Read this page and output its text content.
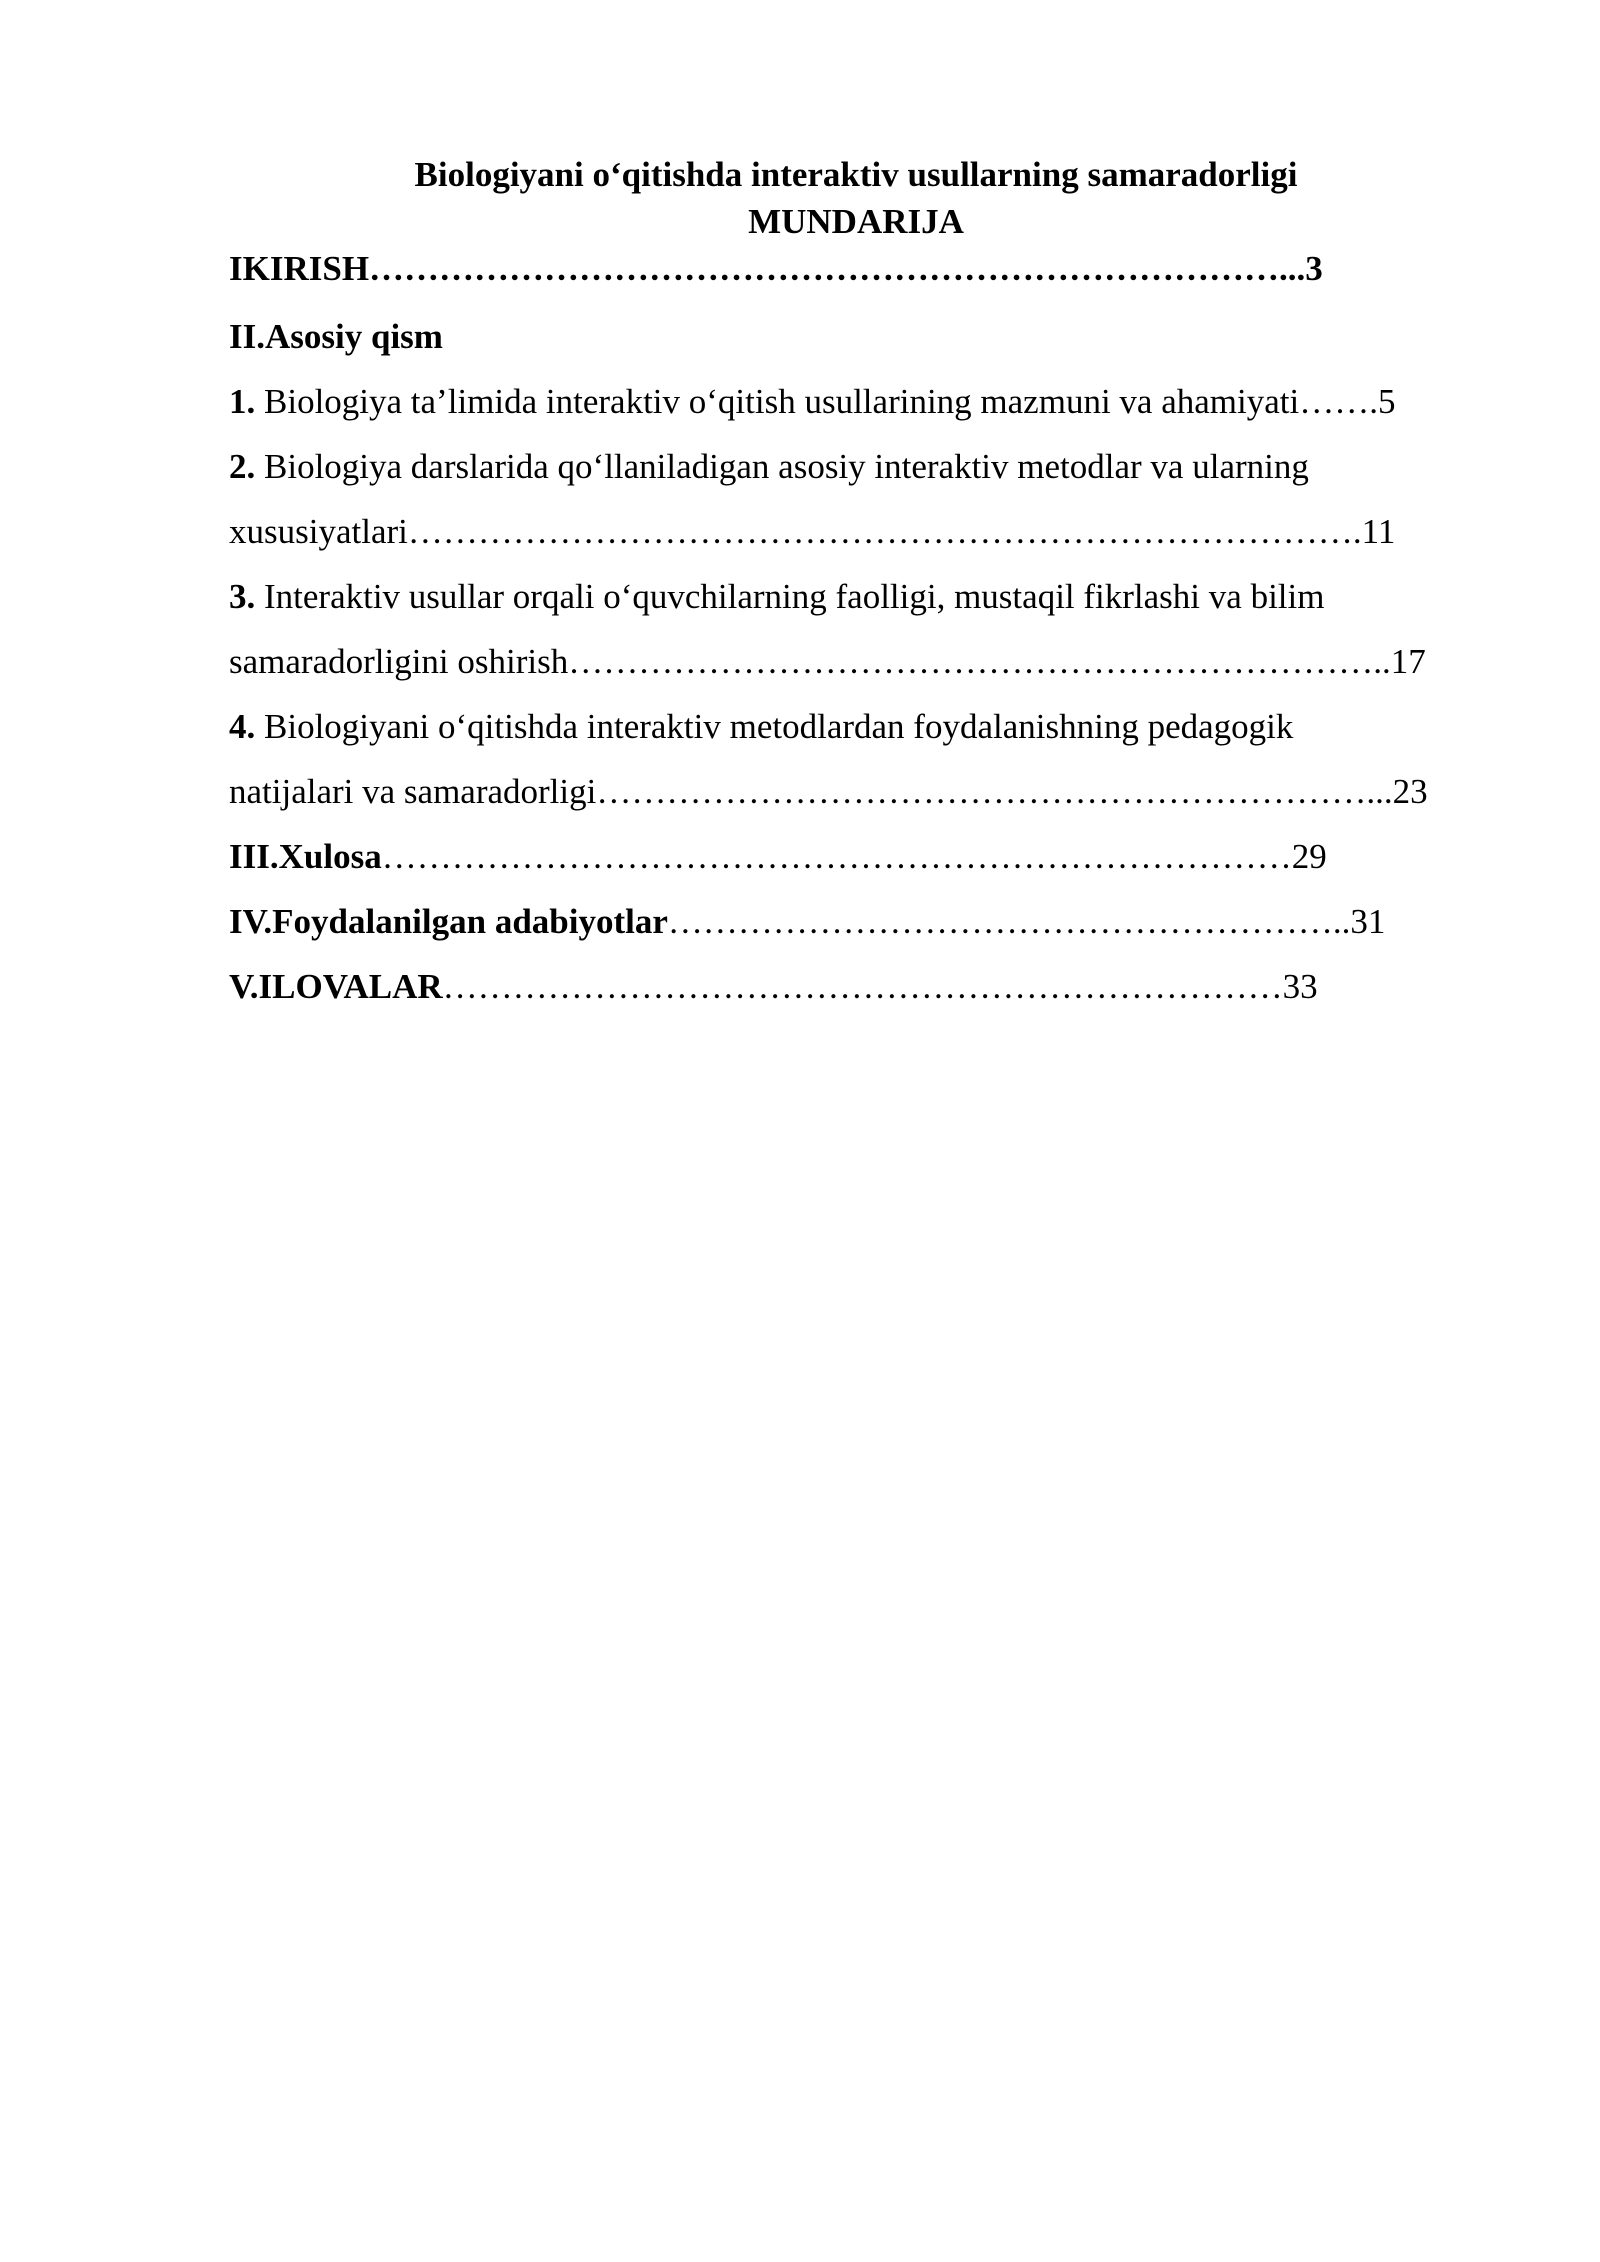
Biologiyani o‘qitishda interaktiv usullarning samaradorligi
MUNDARIJA
IKIRISH……………………………………………………………………...3
II.Asosiy qism
1. Biologiya ta’limida interaktiv o‘qitish usullarining mazmuni va ahamiyati…….5
2. Biologiya darslarida qo‘llaniladigan asosiy interaktiv metodlar va ularning
xususiyatlari……………………………………………………………………….11
3. Interaktiv usullar orqali o‘quvchilarning faolligi, mustaqil fikrlashi va bilim
samaradorligini oshirish……………………………………………………………..17
4. Biologiyani o‘qitishda interaktiv metodlardan foydalanishning pedagogik
natijalari va samaradorligi…………………………………………………………...23
III.Xulosa……………………………………………………………………29
IV.Foydalanilgan adabiyotlar…………………………………………………..31
V.ILOVALAR………………………………………………………………33
